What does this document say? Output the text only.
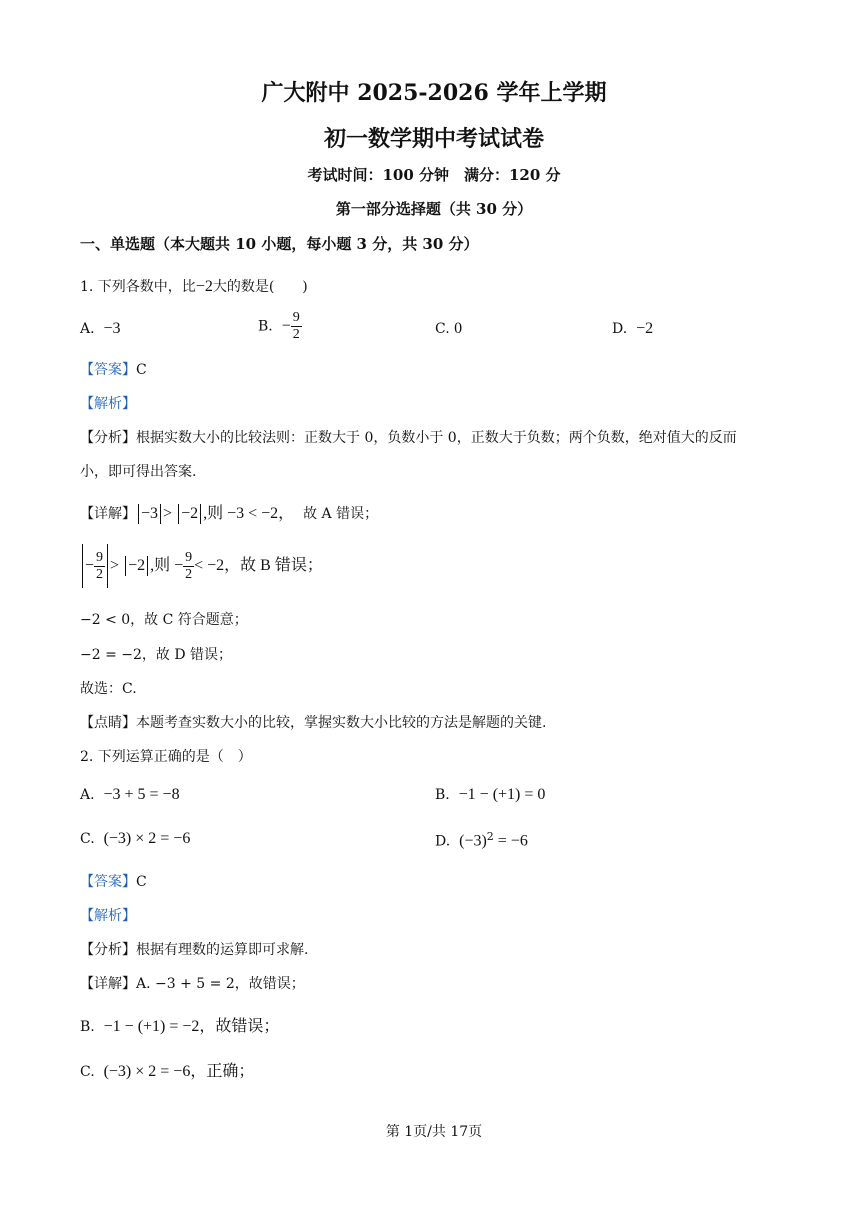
广大附中 2025-2026 学年上学期
初一数学期中考试试卷
考试时间：100 分钟　满分：120 分
第一部分选择题（共 30 分）
一、单选题（本大题共 10 小题，每小题 3 分，共 30 分）
1. 下列各数中，比−2大的数是(　　)
A. −3	B. − $\frac{9}{2}$	C. 0	D. −2
【答案】C
【解析】
【分析】根据实数大小的比较法则：正数大于 0，负数小于 0，正数大于负数；两个负数，绝对值大的反而
小，即可得出答案.
【详解】 −3 > −2 ,则 −3 < −2， 故 A 错误；
− $\frac{9}{2} > -2$ ,则 − $\frac{9}{2} < -2$，故 B 错误；
−2 < 0，故 C 符合题意；
−2 = −2，故 D 错误；
故选：C.
【点睛】本题考查实数大小的比较，掌握实数大小比较的方法是解题的关键.
2. 下列运算正确的是（　）
A. −3 + 5 = −8	B. −1 − (+1) = 0
C. (−3) × 2 = −6	D. $(-3)^2 = -6$
【答案】C
【解析】
【分析】根据有理数的运算即可求解.
【详解】A. −3 + 5 = 2，故错误；
B. −1 − (+1) = −2，故错误；
C. (−3) × 2 = −6，正确；
第 1页/共 17页
